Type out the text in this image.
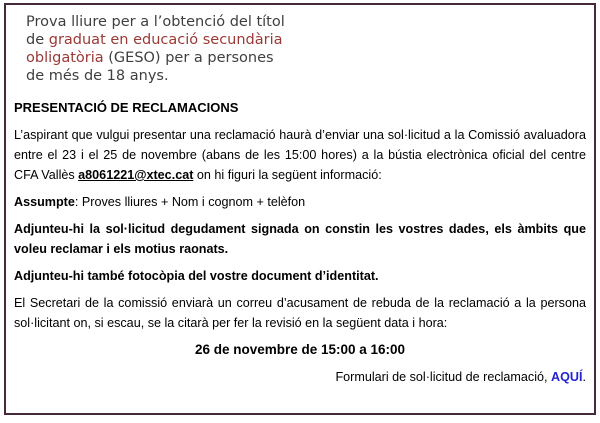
Prova lliure per a l’obtenció del títol
de graduat en educació secundària
obligatòria (GESO) per a persones
de més de 18 anys.

PRESENTACIÓ DE RECLAMACIONS

L’aspirant que vulgui presentar una reclamació haurà d’enviar una sol·licitud a la Comissió avaluadora entre el 23 i el 25 de novembre (abans de les 15:00 hores) a la bústia electrònica oficial del centre CFA Vallès a8061221@xtec.cat on hi figuri la següent informació:

Assumpte: Proves lliures + Nom i cognom + telèfon

Adjunteu-hi la sol·licitud degudament signada on constin les vostres dades, els àmbits que voleu reclamar i els motius raonats.

Adjunteu-hi també fotocòpia del vostre document d’identitat.

El Secretari de la comissió enviarà un correu d’acusament de rebuda de la reclamació a la persona sol·licitant on, si escau, se la citarà per fer la revisió en la següent data i hora:

26 de novembre de 15:00 a 16:00

Formulari de sol·licitud de reclamació, AQUÍ.
